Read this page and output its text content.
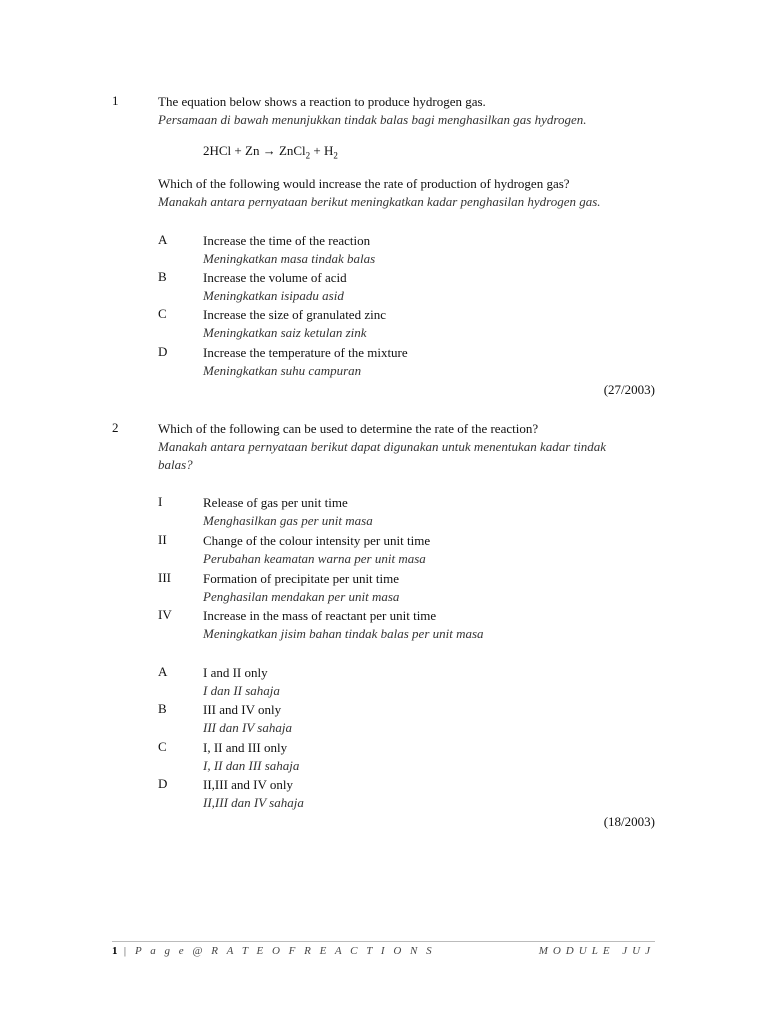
1	The equation below shows a reaction to produce hydrogen gas.
Persamaan di bawah menunjukkan tindak balas bagi menghasilkan gas hydrogen.
2HCl + Zn → ZnCl$_2$ + $H_2$
Which of the following would increase the rate of production of hydrogen gas?
Manakah antara pernyataan berikut meningkatkan kadar penghasilan hydrogen gas.
A	Increase the time of the reaction
Meningkatkan masa tindak balas
B	Increase the volume of acid
Meningkatkan isipadu asid
C	Increase the size of granulated zinc
Meningkatkan saiz ketulan zink
D	Increase the temperature of the mixture
Meningkatkan suhu campuran
(27/2003)
2	Which of the following can be used to determine the rate of the reaction?
Manakah antara pernyataan berikut dapat digunakan untuk menentukan kadar tindak balas?
I	Release of gas per unit time
Menghasilkan gas per unit masa
II	Change of the colour intensity per unit time
Perubahan keamatan warna per unit masa
III Formation of precipitate per unit time
Penghasilan mendakan per unit masa
IV Increase in the mass of reactant per unit time
Meningkatkan jisim bahan tindak balas per unit masa
A	I and II only
I dan II sahaja
B	III and IV only
III dan IV sahaja
C	I, II and III only
I, II dan III sahaja
D	II,III and IV only
II,III dan IV sahaja
(18/2003)
1 | P a g e @ R A T E O F R E A C T I O N S	MODULE JUJ
